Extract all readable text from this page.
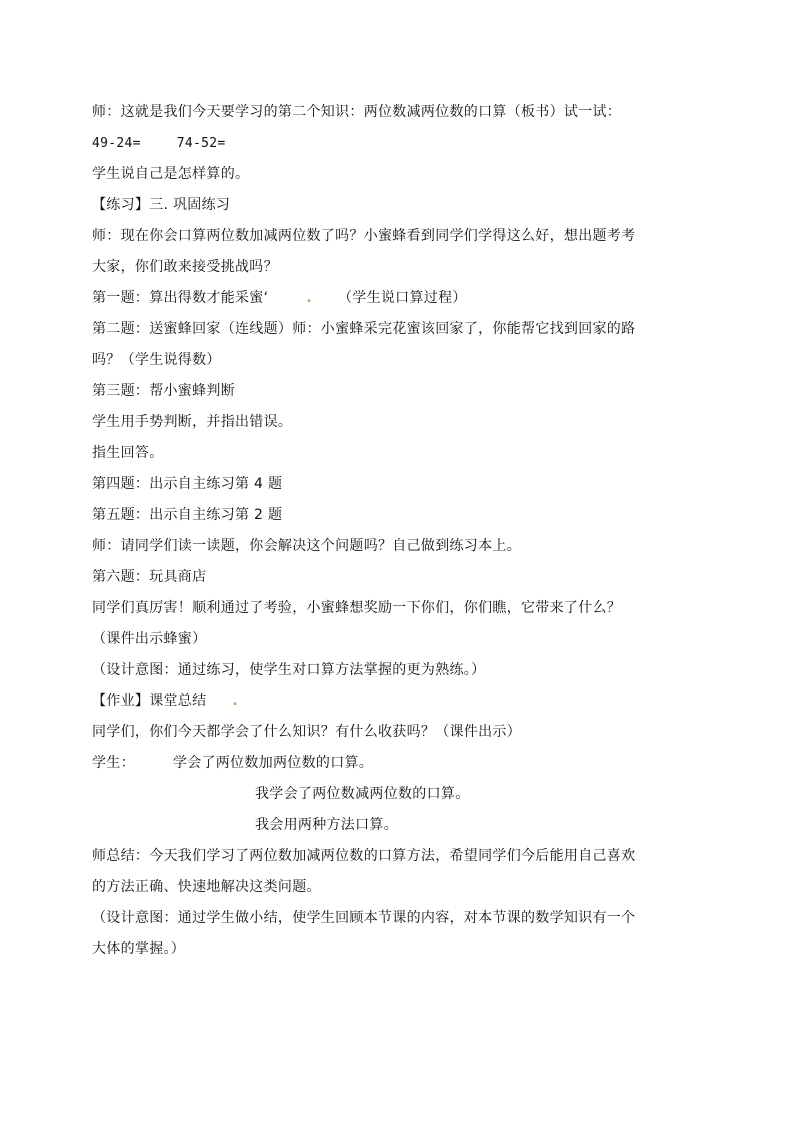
师：这就是我们今天要学习的第二个知识：两位数减两位数的口算（板书）试一试：
49-24=	74-52=
学生说自己是怎样算的。
【练习】三. 巩固练习
师：现在你会口算两位数加减两位数了吗？小蜜蜂看到同学们学得这么好，想出题考考
大家，你们敢来接受挑战吗？
第一题：算出得数才能采蜜‘	. （学生说口算过程）
第二题：送蜜蜂回家（连线题）师：小蜜蜂采完花蜜该回家了，你能帮它找到回家的路
吗？（学生说得数）
第三题：帮小蜜蜂判断
学生用手势判断，并指出错误。
指生回答。
第四题：出示自主练习第 4 题
第五题：出示自主练习第 2 题
师：请同学们读一读题，你会解决这个问题吗？自己做到练习本上。
第六题：玩具商店
同学们真厉害！顺利通过了考验，小蜜蜂想奖励一下你们，你们瞧，它带来了什么？
（课件出示蜂蜜）
（设计意图：通过练习，使学生对口算方法掌握的更为熟练。）
【作业】课堂总结 .
同学们，你们今天都学会了什么知识？有什么收获吗？（课件出示）
学生：	学会了两位数加两位数的口算。
我学会了两位数减两位数的口算。
我会用两种方法口算。
师总结：今天我们学习了两位数加减两位数的口算方法，希望同学们今后能用自己喜欢
的方法正确、快速地解决这类问题。
（设计意图：通过学生做小结，使学生回顾本节课的内容，对本节课的数学知识有一个
大体的掌握。）
